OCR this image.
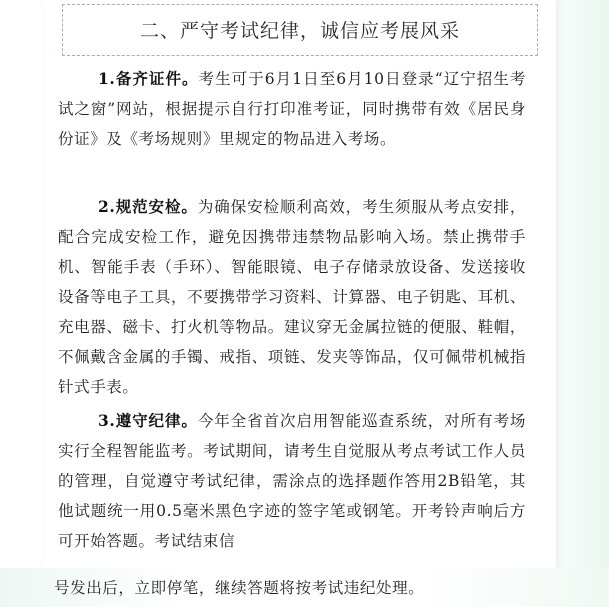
二、严守考试纪律，诚信应考展风采

1.备齐证件。考生可于6月1日至6月10日登录“辽宁招生考试之窗”网站，根据提示自行打印准考证，同时携带有效《居民身份证》及《考场规则》里规定的物品进入考场。

2.规范安检。为确保安检顺利高效，考生须服从考点安排，配合完成安检工作，避免因携带违禁物品影响入场。禁止携带手机、智能手表（手环）、智能眼镜、电子存储录放设备、发送接收设备等电子工具，不要携带学习资料、计算器、电子钥匙、耳机、充电器、磁卡、打火机等物品。建议穿无金属拉链的便服、鞋帽，不佩戴含金属的手镯、戒指、项链、发夹等饰品，仅可佩带机械指针式手表。

3.遵守纪律。今年全省首次启用智能巡查系统，对所有考场实行全程智能监考。考试期间，请考生自觉服从考点考试工作人员的管理，自觉遵守考试纪律，需涂点的选择题作答用2B铅笔，其他试题统一用0.5毫米黑色字迹的签字笔或钢笔。开考铃声响后方可开始答题。考试结束信

号发出后，立即停笔，继续答题将按考试违纪处理。
